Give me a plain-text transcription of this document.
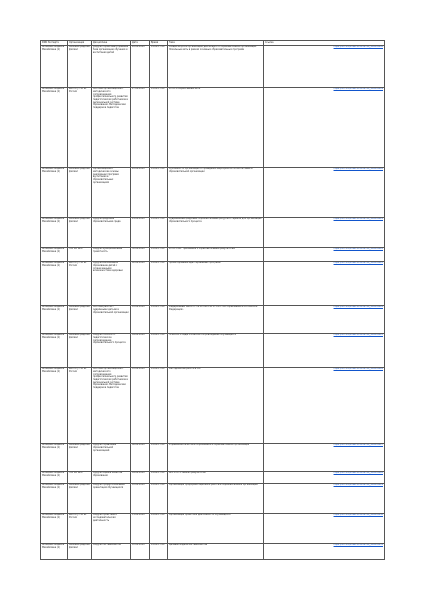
ФИО Эксперта	Организация	Дисциплина	Дата	Время	Тема	Ссылка
Аксёнова Людмила Михайловна (1)	Калининградский филиал	Модуль Нормативно-правовая база организации обучения и воспитания детей	26.08.2024	14:00-17:00	Общие вопросы организации деятельности образовательной организации. Локальные акты в рамках основных образовательных программ	https://vk.com/video-123456789_456239018
Аксёнова Людмила Михайловна (1)	Институт ФГБУ Россия	Система организационно-методического сопровождения профессионального развития педагогических работников в региональной системе образования. Методическая поддержка педагогов	27.08.2024	14:00-17:00	ФГОС и нормативные акты	https://vk.com/video-123456789_456239019
Аксёнова Людмила Михайловна (1)	Калининградский филиал	Организационно-методические основы реализации программ воспитания в образовательных организациях	28.08.2024	14:00-17:00	Особенности организации и проведения мероприятий по воспитанию в образовательной организации	https://vk.com/video-123456789_456239020
Аксёнова Людмила Михайловна (1)	Калининградский филиал	Модуль Цифровая образовательная среда	29.08.2024	14:00-17:00	Современные цифровые образовательные ресурсы и сервисы для организации образовательного процесса	https://vk.com/video-123456789_456239021
Аксёнова Людмила Михайловна (1)	ГАУ КО ИРО	Модуль Функциональная грамотность	30.08.2024	14:00-17:00	ФГОС СОО: требования к образовательным результатам	https://vk.com/video-123456789_456239022
Аксёнова Людмила Михайловна (1)	Институт ФГБУ Россия	Модуль Инклюзивное образование детей с ограниченными возможностями здоровья	02.09.2024	14:00-17:00	Проектирование адаптированных программ	https://vk.com/video-123456789_456239023
Аксёнова Людмила Михайловна (1)	Калининградский филиал	Система работы с одарёнными детьми в образовательной организации	03.09.2024	14:00-17:00	Федеральный закон от 29.12.2012 № 273-ФЗ «Об образовании в Российской Федерации»	https://vk.com/video-123456789_456239024
Аксёнова Людмила Михайловна (1)	Калининградский филиал	Модуль Психолого-педагогическое сопровождение образовательного процесса	04.09.2024	14:00-17:00	Психолого-педагогическое сопровождение обучающихся	https://vk.com/video-123456789_456239025
Аксёнова Людмила Михайловна (1)	Институт ФГБУ Россия	Система организационно-методического сопровождения профессионального развития педагогических работников в региональной системе образования. Методическая поддержка педагогов	05.09.2024	14:00-17:00	Методическая работа в ОО	https://vk.com/video-123456789_456239026
Аксёнова Людмила Михайловна (1)	Калининградский филиал	Модуль Управление образовательной организацией	06.09.2024	14:00-17:00	Управление качеством образования в образовательной организации	https://vk.com/video-123456789_456239027
Аксёнова Людмила Михайловна (1)	ГАУ КО ИРО	Модуль Оценка качества образования	09.09.2024	14:00-17:00	ВПР и ОГЭ: анализ результатов	https://vk.com/video-123456789_456239028
Аксёнова Людмила Михайловна (1)	Калининградский филиал	Модуль Профессиональная ориентация обучающихся	10.09.2024	14:00-17:00	Организация профориентационной работы в образовательной организации	https://vk.com/video-123456789_456239029
Аксёнова Людмила Михайловна (1)	Институт ФГБУ Россия	Модуль Проектная и исследовательская деятельность	11.09.2024	14:00-17:00	Организация проектной деятельности обучающихся	https://vk.com/video-123456789_456239030
Аксёнова Людмила Михайловна (1)	Калининградский филиал	Модуль Наставничество	12.09.2024	14:00-17:00	Целевая модель наставничества	https://vk.com/video-123456789_456239031
